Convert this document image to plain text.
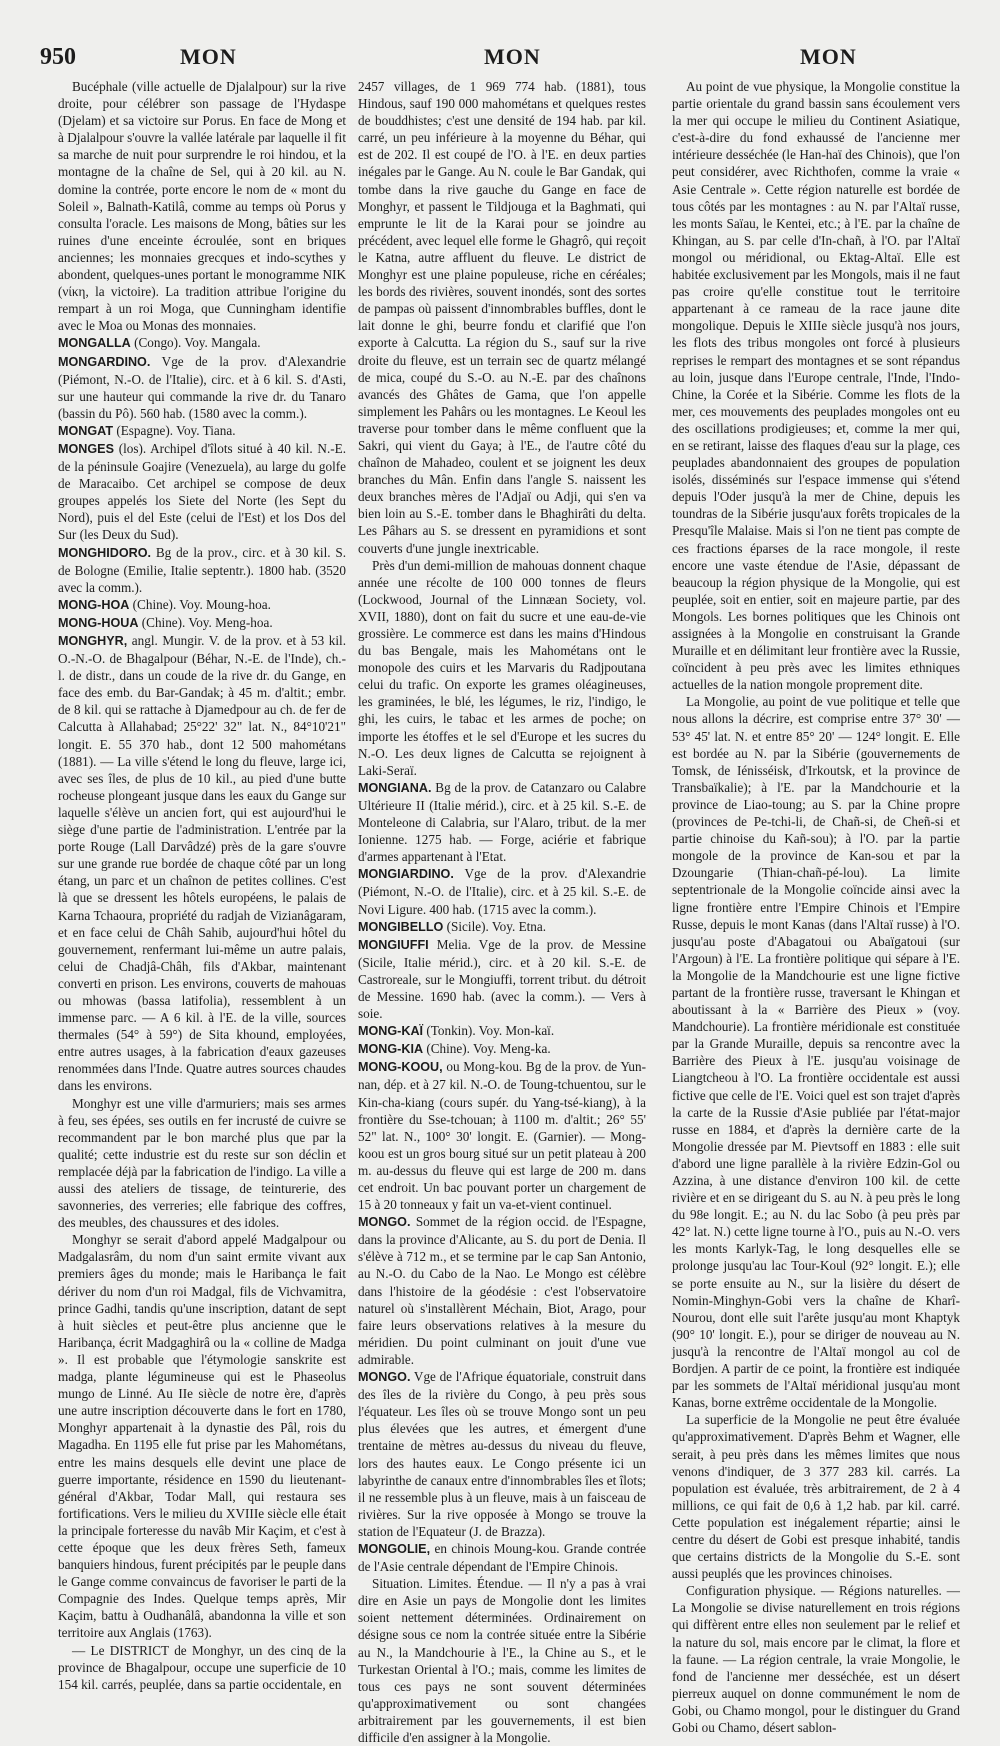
950	MON	MON	MON

Bucéphale (ville actuelle de Djalalpour) sur la rive droite, pour célébrer son passage de l'Hydaspe (Djelam) et sa victoire sur Porus. En face de Mong et à Djalalpour s'ouvre la vallée latérale par laquelle il fit sa marche de nuit pour surprendre le roi hindou, et la montagne de la chaîne de Sel, qui à 20 kil. au N. domine la contrée, porte encore le nom de « mont du Soleil », Balnath-Katilâ, comme au temps où Porus y consulta l'oracle. Les maisons de Mong, bâties sur les ruines d'une enceinte écroulée, sont en briques anciennes; les monnaies grecques et indo-scythes y abondent, quelques-unes portant le monogramme NIK (νίκη, la victoire). La tradition attribue l'origine du rempart à un roi Moga, que Cunningham identifie avec le Moa ou Monas des monnaies.

MONGALLA (Congo). Voy. Mangala.

MONGARDINO. Vge de la prov. d'Alexandrie (Piémont, N.-O. de l'Italie), circ. et à 6 kil. S. d'Asti, sur une hauteur qui commande la rive dr. du Tanaro (bassin du Pô). 560 hab. (1580 avec la comm.).

MONGAT (Espagne). Voy. Tiana.

MONGES (los). Archipel d'îlots situé à 40 kil. N.-E. de la péninsule Goajire (Venezuela), au large du golfe de Maracaibo. Cet archipel se compose de deux groupes appelés los Siete del Norte (les Sept du Nord), puis el del Este (celui de l'Est) et los Dos del Sur (les Deux du Sud).

MONGHIDORO. Bg de la prov., circ. et à 30 kil. S. de Bologne (Emilie, Italie septentr.). 1800 hab. (3520 avec la comm.).

MONG-HOA (Chine). Voy. Moung-hoa.

MONG-HOUA (Chine). Voy. Meng-hoa.

MONGHYR, angl. Mungir. V. de la prov. et à 53 kil. O.-N.-O. de Bhagalpour (Béhar, N.-E. de l'Inde), ch.-l. de distr., dans un coude de la rive dr. du Gange, en face des emb. du Bar-Gandak; à 45 m. d'altit.; embr. de 8 kil. qui se rattache à Djamedpour au ch. de fer de Calcutta à Allahabad; 25°22' 32" lat. N., 84°10'21" longit. E. 55 370 hab., dont 12 500 mahométans (1881). — La ville s'étend le long du fleuve, large ici, avec ses îles, de plus de 10 kil., au pied d'une butte rocheuse plongeant jusque dans les eaux du Gange sur laquelle s'élève un ancien fort, qui est aujourd'hui le siège d'une partie de l'administration. L'entrée par la porte Rouge (Lall Darvâdzé) près de la gare s'ouvre sur une grande rue bordée de chaque côté par un long étang, un parc et un chaînon de petites collines. C'est là que se dressent les hôtels européens, le palais de Karna Tchaoura, propriété du radjah de Vizianâgaram, et en face celui de Châh Sahib, aujourd'hui hôtel du gouvernement, renfermant lui-même un autre palais, celui de Chadjâ-Châh, fils d'Akbar, maintenant converti en prison. Les environs, couverts de mahouas ou mhowas (bassa latifolia), ressemblent à un immense parc. — A 6 kil. à l'E. de la ville, sources thermales (54° à 59°) de Sita khound, employées, entre autres usages, à la fabrication d'eaux gazeuses renommées dans l'Inde. Quatre autres sources chaudes dans les environs.

Monghyr est une ville d'armuriers; mais ses armes à feu, ses épées, ses outils en fer incrusté de cuivre se recommandent par le bon marché plus que par la qualité; cette industrie est du reste sur son déclin et remplacée déjà par la fabrication de l'indigo. La ville a aussi des ateliers de tissage, de teinturerie, des savonneries, des verreries; elle fabrique des coffres, des meubles, des chaussures et des idoles.

Monghyr se serait d'abord appelé Madgalpour ou Madgalasrâm, du nom d'un saint ermite vivant aux premiers âges du monde; mais le Haribança le fait dériver du nom d'un roi Madgal, fils de Vichvamitra, prince Gadhi, tandis qu'une inscription, datant de sept à huit siècles et peut-être plus ancienne que le Haribança, écrit Madgaghirâ ou la « colline de Madga ». Il est probable que l'étymologie sanskrite est madga, plante légumineuse qui est le Phaseolus mungo de Linné. Au IIe siècle de notre ère, d'après une autre inscription découverte dans le fort en 1780, Monghyr appartenait à la dynastie des Pâl, rois du Magadha. En 1195 elle fut prise par les Mahométans, entre les mains desquels elle devint une place de guerre importante, résidence en 1590 du lieutenant-général d'Akbar, Todar Mall, qui restaura ses fortifications. Vers le milieu du XVIIIe siècle elle était la principale forteresse du navâb Mir Kaçim, et c'est à cette époque que les deux frères Seth, fameux banquiers hindous, furent précipités par le peuple dans le Gange comme convaincus de favoriser le parti de la Compagnie des Indes. Quelque temps après, Mir Kaçim, battu à Oudhanâlâ, abandonna la ville et son territoire aux Anglais (1763).

— Le DISTRICT de Monghyr, un des cinq de la province de Bhagalpour, occupe une superficie de 10 154 kil. carrés, peuplée, dans sa partie occidentale, en

2457 villages, de 1 969 774 hab. (1881), tous Hindous, sauf 190 000 mahométans et quelques restes de bouddhistes; c'est une densité de 194 hab. par kil. carré, un peu inférieure à la moyenne du Béhar, qui est de 202. Il est coupé de l'O. à l'E. en deux parties inégales par le Gange. Au N. coule le Bar Gandak, qui tombe dans la rive gauche du Gange en face de Monghyr, et passent le Tildjouga et la Baghmati, qui emprunte le lit de la Karai pour se joindre au précédent, avec lequel elle forme le Ghagrô, qui reçoit le Katna, autre affluent du fleuve. Le district de Monghyr est une plaine populeuse, riche en céréales; les bords des rivières, souvent inondés, sont des sortes de pampas où paissent d'innombrables buffles, dont le lait donne le ghi, beurre fondu et clarifié que l'on exporte à Calcutta. La région du S., sauf sur la rive droite du fleuve, est un terrain sec de quartz mélangé de mica, coupé du S.-O. au N.-E. par des chaînons avancés des Ghâtes de Gama, que l'on appelle simplement les Pahârs ou les montagnes. Le Keoul les traverse pour tomber dans le même confluent que la Sakri, qui vient du Gaya; à l'E., de l'autre côté du chaînon de Mahadeo, coulent et se joignent les deux branches du Mân. Enfin dans l'angle S. naissent les deux branches mères de l'Adjaï ou Adji, qui s'en va bien loin au S.-E. tomber dans le Bhaghirâti du delta. Les Pâhars au S. se dressent en pyramidions et sont couverts d'une jungle inextricable.

Près d'un demi-million de mahouas donnent chaque année une récolte de 100 000 tonnes de fleurs (Lockwood, Journal of the Linnæan Society, vol. XVII, 1880), dont on fait du sucre et une eau-de-vie grossière. Le commerce est dans les mains d'Hindous du bas Bengale, mais les Mahométans ont le monopole des cuirs et les Marvaris du Radjpoutana celui du trafic. On exporte les grames oléagineuses, les graminées, le blé, les légumes, le riz, l'indigo, le ghi, les cuirs, le tabac et les armes de poche; on importe les étoffes et le sel d'Europe et les sucres du N.-O. Les deux lignes de Calcutta se rejoignent à Laki-Seraï.

MONGIANA. Bg de la prov. de Catanzaro ou Calabre Ultérieure II (Italie mérid.), circ. et à 25 kil. S.-E. de Monteleone di Calabria, sur l'Alaro, tribut. de la mer Ionienne. 1275 hab. — Forge, aciérie et fabrique d'armes appartenant à l'Etat.

MONGIARDINO. Vge de la prov. d'Alexandrie (Piémont, N.-O. de l'Italie), circ. et à 25 kil. S.-E. de Novi Ligure. 400 hab. (1715 avec la comm.).

MONGIBELLO (Sicile). Voy. Etna.

MONGIUFFI Melia. Vge de la prov. de Messine (Sicile, Italie mérid.), circ. et à 20 kil. S.-E. de Castroreale, sur le Mongiuffi, torrent tribut. du détroit de Messine. 1690 hab. (avec la comm.). — Vers à soie.

MONG-KAÏ (Tonkin). Voy. Mon-kaï.

MONG-KIA (Chine). Voy. Meng-ka.

MONG-KOOU, ou Mong-kou. Bg de la prov. de Yun-nan, dép. et à 27 kil. N.-O. de Toung-tchuentou, sur le Kin-cha-kiang (cours supér. du Yang-tsé-kiang), à la frontière du Sse-tchouan; à 1100 m. d'altit.; 26° 55' 52" lat. N., 100° 30' longit. E. (Garnier). — Mong-koou est un gros bourg situé sur un petit plateau à 200 m. au-dessus du fleuve qui est large de 200 m. dans cet endroit. Un bac pouvant porter un chargement de 15 à 20 tonneaux y fait un va-et-vient continuel.

MONGO. Sommet de la région occid. de l'Espagne, dans la province d'Alicante, au S. du port de Denia. Il s'élève à 712 m., et se termine par le cap San Antonio, au N.-O. du Cabo de la Nao. Le Mongo est célèbre dans l'histoire de la géodésie : c'est l'observatoire naturel où s'installèrent Méchain, Biot, Arago, pour faire leurs observations relatives à la mesure du méridien. Du point culminant on jouit d'une vue admirable.

MONGO. Vge de l'Afrique équatoriale, construit dans des îles de la rivière du Congo, à peu près sous l'équateur. Les îles où se trouve Mongo sont un peu plus élevées que les autres, et émergent d'une trentaine de mètres au-dessus du niveau du fleuve, lors des hautes eaux. Le Congo présente ici un labyrinthe de canaux entre d'innombrables îles et îlots; il ne ressemble plus à un fleuve, mais à un faisceau de rivières. Sur la rive opposée à Mongo se trouve la station de l'Equateur (J. de Brazza).

MONGOLIE, en chinois Moung-kou. Grande contrée de l'Asie centrale dépendant de l'Empire Chinois.

Situation. Limites. Étendue. — Il n'y a pas à vrai dire en Asie un pays de Mongolie dont les limites soient nettement déterminées. Ordinairement on désigne sous ce nom la contrée située entre la Sibérie au N., la Mandchourie à l'E., la Chine au S., et le Turkestan Oriental à l'O.; mais, comme les limites de tous ces pays ne sont souvent déterminées qu'approximativement ou sont changées arbitrairement par les gouvernements, il est bien difficile d'en assigner à la Mongolie.

Au point de vue physique, la Mongolie constitue la partie orientale du grand bassin sans écoulement vers la mer qui occupe le milieu du Continent Asiatique, c'est-à-dire du fond exhaussé de l'ancienne mer intérieure desséchée (le Han-haï des Chinois), que l'on peut considérer, avec Richthofen, comme la vraie « Asie Centrale ». Cette région naturelle est bordée de tous côtés par les montagnes : au N. par l'Altaï russe, les monts Saïau, le Kentei, etc.; à l'E. par la chaîne de Khingan, au S. par celle d'In-chañ, à l'O. par l'Altaï mongol ou méridional, ou Ektag-Altaï. Elle est habitée exclusivement par les Mongols, mais il ne faut pas croire qu'elle constitue tout le territoire appartenant à ce rameau de la race jaune dite mongolique. Depuis le XIIIe siècle jusqu'à nos jours, les flots des tribus mongoles ont forcé à plusieurs reprises le rempart des montagnes et se sont répandus au loin, jusque dans l'Europe centrale, l'Inde, l'Indo-Chine, la Corée et la Sibérie. Comme les flots de la mer, ces mouvements des peuplades mongoles ont eu des oscillations prodigieuses; et, comme la mer qui, en se retirant, laisse des flaques d'eau sur la plage, ces peuplades abandonnaient des groupes de population isolés, disséminés sur l'espace immense qui s'étend depuis l'Oder jusqu'à la mer de Chine, depuis les toundras de la Sibérie jusqu'aux forêts tropicales de la Presqu'île Malaise. Mais si l'on ne tient pas compte de ces fractions éparses de la race mongole, il reste encore une vaste étendue de l'Asie, dépassant de beaucoup la région physique de la Mongolie, qui est peuplée, soit en entier, soit en majeure partie, par des Mongols. Les bornes politiques que les Chinois ont assignées à la Mongolie en construisant la Grande Muraille et en délimitant leur frontière avec la Russie, coïncident à peu près avec les limites ethniques actuelles de la nation mongole proprement dite.

La Mongolie, au point de vue politique et telle que nous allons la décrire, est comprise entre 37° 30' — 53° 45' lat. N. et entre 85° 20' — 124° longit. E. Elle est bordée au N. par la Sibérie (gouvernements de Tomsk, de Iénisséisk, d'Irkoutsk, et la province de Transbaïkalie); à l'E. par la Mandchourie et la province de Liao-toung; au S. par la Chine propre (provinces de Pe-tchi-li, de Chañ-si, de Cheñ-si et partie chinoise du Kañ-sou); à l'O. par la partie mongole de la province de Kan-sou et par la Dzoungarie (Thian-chañ-pé-lou). La limite septentrionale de la Mongolie coïncide ainsi avec la ligne frontière entre l'Empire Chinois et l'Empire Russe, depuis le mont Kanas (dans l'Altaï russe) à l'O. jusqu'au poste d'Abagatoui ou Abaïgatoui (sur l'Argoun) à l'E. La frontière politique qui sépare à l'E. la Mongolie de la Mandchourie est une ligne fictive partant de la frontière russe, traversant le Khingan et aboutissant à la « Barrière des Pieux » (voy. Mandchourie). La frontière méridionale est constituée par la Grande Muraille, depuis sa rencontre avec la Barrière des Pieux à l'E. jusqu'au voisinage de Liangtcheou à l'O. La frontière occidentale est aussi fictive que celle de l'E. Voici quel est son trajet d'après la carte de la Russie d'Asie publiée par l'état-major russe en 1884, et d'après la dernière carte de la Mongolie dressée par M. Pievtsoff en 1883 : elle suit d'abord une ligne parallèle à la rivière Edzin-Gol ou Azzina, à une distance d'environ 100 kil. de cette rivière et en se dirigeant du S. au N. à peu près le long du 98e longit. E.; au N. du lac Sobo (à peu près par 42° lat. N.) cette ligne tourne à l'O., puis au N.-O. vers les monts Karlyk-Tag, le long desquelles elle se prolonge jusqu'au lac Tour-Koul (92° longit. E.); elle se porte ensuite au N., sur la lisière du désert de Nomin-Minghyn-Gobi vers la chaîne de Kharî-Nourou, dont elle suit l'arête jusqu'au mont Khaptyk (90° 10' longit. E.), pour se diriger de nouveau au N. jusqu'à la rencontre de l'Altaï mongol au col de Bordjen. A partir de ce point, la frontière est indiquée par les sommets de l'Altaï méridional jusqu'au mont Kanas, borne extrême occidentale de la Mongolie.

La superficie de la Mongolie ne peut être évaluée qu'approximativement. D'après Behm et Wagner, elle serait, à peu près dans les mêmes limites que nous venons d'indiquer, de 3 377 283 kil. carrés. La population est évaluée, très arbitrairement, de 2 à 4 millions, ce qui fait de 0,6 à 1,2 hab. par kil. carré. Cette population est inégalement répartie; ainsi le centre du désert de Gobi est presque inhabité, tandis que certains districts de la Mongolie du S.-E. sont aussi peuplés que les provinces chinoises.

Configuration physique. — Régions naturelles. — La Mongolie se divise naturellement en trois régions qui diffèrent entre elles non seulement par le relief et la nature du sol, mais encore par le climat, la flore et la faune. — La région centrale, la vraie Mongolie, le fond de l'ancienne mer desséchée, est un désert pierreux auquel on donne communément le nom de Gobi, ou Chamo mongol, pour le distinguer du Grand Gobi ou Chamo, désert sablon-
